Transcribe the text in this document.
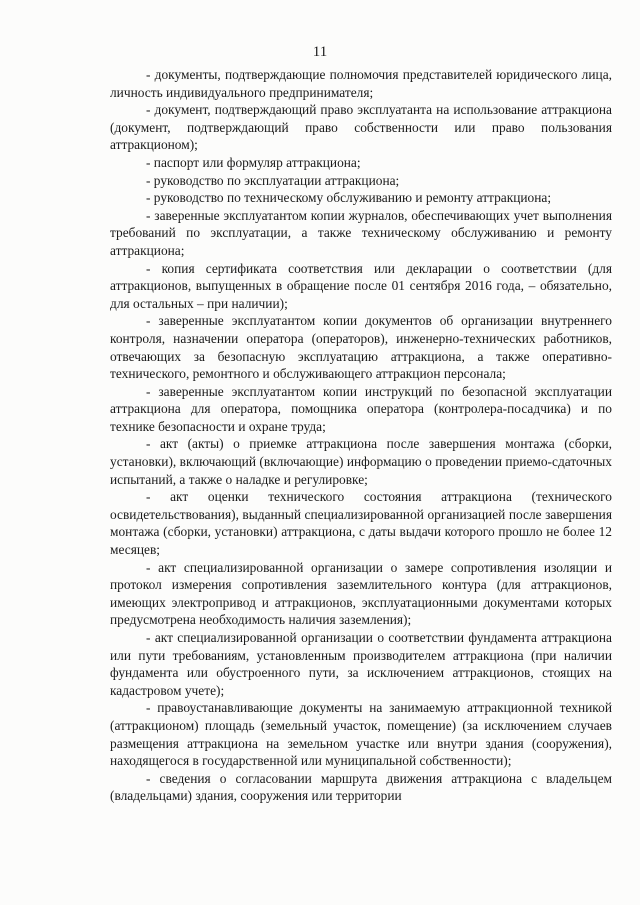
11

- документы, подтверждающие полномочия представителей юридического лица, личность индивидуального предпринимателя;

- документ, подтверждающий право эксплуатанта на использование аттракциона (документ, подтверждающий право собственности или право пользования аттракционом);

- паспорт или формуляр аттракциона;

- руководство по эксплуатации аттракциона;

- руководство по техническому обслуживанию и ремонту аттракциона;

- заверенные эксплуатантом копии журналов, обеспечивающих учет выполнения требований по эксплуатации, а также техническому обслуживанию и ремонту аттракциона;

- копия сертификата соответствия или декларации о соответствии (для аттракционов, выпущенных в обращение после 01 сентября 2016 года, – обязательно, для остальных – при наличии);

- заверенные эксплуатантом копии документов об организации внутреннего контроля, назначении оператора (операторов), инженерно-технических работников, отвечающих за безопасную эксплуатацию аттракциона, а также оперативно-технического, ремонтного и обслуживающего аттракцион персонала;

- заверенные эксплуатантом копии инструкций по безопасной эксплуатации аттракциона для оператора, помощника оператора (контролера-посадчика) и по технике безопасности и охране труда;

- акт (акты) о приемке аттракциона после завершения монтажа (сборки, установки), включающий (включающие) информацию о проведении приемо-сдаточных испытаний, а также о наладке и регулировке;

- акт оценки технического состояния аттракциона (технического освидетельствования), выданный специализированной организацией после завершения монтажа (сборки, установки) аттракциона, с даты выдачи которого прошло не более 12 месяцев;

- акт специализированной организации о замере сопротивления изоляции и протокол измерения сопротивления заземлительного контура (для аттракционов, имеющих электропривод и аттракционов, эксплуатационными документами которых предусмотрена необходимость наличия заземления);

- акт специализированной организации о соответствии фундамента аттракциона или пути требованиям, установленным производителем аттракциона (при наличии фундамента или обустроенного пути, за исключением аттракционов, стоящих на кадастровом учете);

- правоустанавливающие документы на занимаемую аттракционной техникой (аттракционом) площадь (земельный участок, помещение) (за исключением случаев размещения аттракциона на земельном участке или внутри здания (сооружения), находящегося в государственной или муниципальной собственности);

- сведения о согласовании маршрута движения аттракциона с владельцем (владельцами) здания, сооружения или территории
